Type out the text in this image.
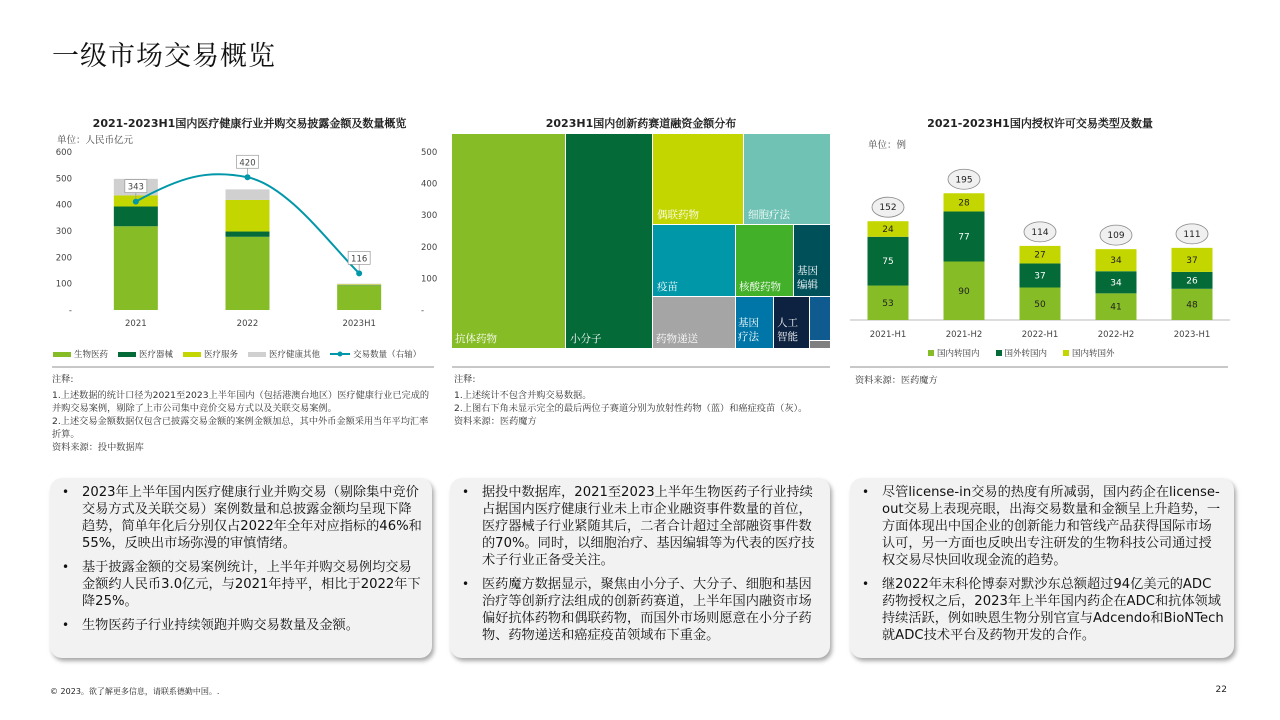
一级市场交易概览
2021-2023H1国内医疗健康行业并购交易披露金额及数量概览
单位：人民币亿元
600
500
400
300
200
100
-
500
400
300
200
100
-
2021	2022	2023H1
343
420
116
生物医药	医疗器械	医疗服务	医疗健康其他	交易数量（右轴）

注释:

1.上述数据的统计口径为2021至2023上半年国内（包括港澳台地区）医疗健康行业已完成的并购交易案例，剔除了上市公司集中竞价交易方式以及关联交易案例。

2.上述交易金额数据仅包含已披露交易金额的案例金额加总，其中外币金额采用当年平均汇率折算。

资料来源：投中数据库

2023H1国内创新药赛道融资金额分布
抗体药物	小分子
偶联药物	细胞疗法
疫苗	核酸药物
基因
编辑
药物递送
基因
疗法
人工
智能

注释:

1.上述统计不包含并购交易数据。

2.上图右下角未显示完全的最后两位子赛道分别为放射性药物（蓝）和癌症疫苗（灰）。

资料来源：医药魔方

2021-2023H1国内授权许可交易类型及数量
单位：例
53
75
24
152
2021-H1
90
77
28
195
2021-H2
50
37
27
114
2022-H1
41
34
34
109
2022-H2
48
26
37
111
2023-H1
国内转国内	国外转国内	国内转国外

资料来源：医药魔方

• 2023年上半年国内医疗健康行业并购交易（剔除集中竞价交易方式及关联交易）案例数量和总披露金额均呈现下降趋势，简单年化后分别仅占2022年全年对应指标的46%和55%，反映出市场弥漫的审慎情绪。
• 基于披露金额的交易案例统计，上半年并购交易例均交易金额约人民币3.0亿元，与2021年持平，相比于2022年下降25%。
• 生物医药子行业持续领跑并购交易数量及金额。
• 据投中数据库，2021至2023上半年生物医药子行业持续占据国内医疗健康行业未上市企业融资事件数量的首位，医疗器械子行业紧随其后，二者合计超过全部融资事件数的70%。同时，以细胞治疗、基因编辑等为代表的医疗技术子行业正备受关注。
• 医药魔方数据显示，聚焦由小分子、大分子、细胞和基因治疗等创新疗法组成的创新药赛道，上半年国内融资市场偏好抗体药物和偶联药物，而国外市场则愿意在小分子药物、药物递送和癌症疫苗领域布下重金。
• 尽管license-in交易的热度有所减弱，国内药企在license-out交易上表现亮眼，出海交易数量和金额呈上升趋势，一方面体现出中国企业的创新能力和管线产品获得国际市场认可，另一方面也反映出专注研发的生物科技公司通过授权交易尽快回收现金流的趋势。
• 继2022年末科伦博泰对默沙东总额超过94亿美元的ADC药物授权之后，2023年上半年国内药企在ADC和抗体领域持续活跃，例如映恩生物分别官宣与Adcendo和BioNTech就ADC技术平台及药物开发的合作。
© 2023。欲了解更多信息，请联系德勤中国。.	22
